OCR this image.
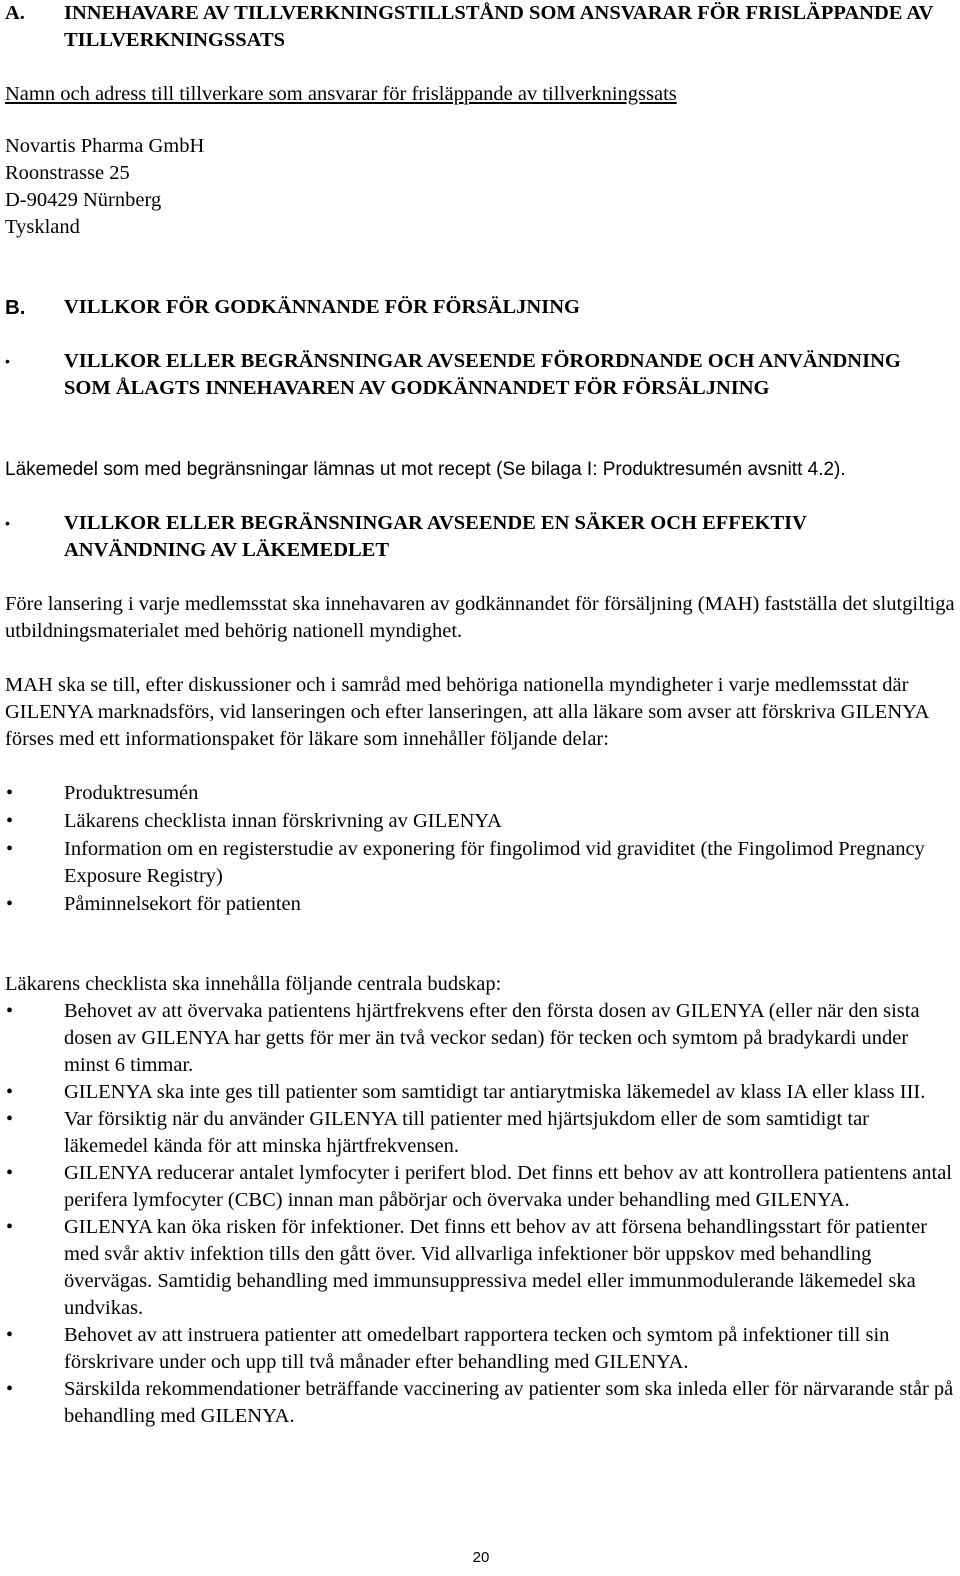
A. INNEHAVARE AV TILLVERKNINGSTILLSTÅND SOM ANSVARAR FÖR FRISLÄPPANDE AV TILLVERKNINGSSATS

Namn och adress till tillverkare som ansvarar för frisläppande av tillverkningssats

Novartis Pharma GmbH

Roonstrasse 25

D-90429 Nürnberg

Tyskland

B. VILLKOR FÖR GODKÄNNANDE FÖR FÖRSÄLJNING
•	VILLKOR ELLER BEGRÄNSNINGAR AVSEENDE FÖRORDNANDE OCH ANVÄNDNING SOM ÅLAGTS INNEHAVAREN AV GODKÄNNANDET FÖR FÖRSÄLJNING

Läkemedel som med begränsningar lämnas ut mot recept (Se bilaga I: Produktresumén avsnitt 4.2).

•	VILLKOR ELLER BEGRÄNSNINGAR AVSEENDE EN SÄKER OCH EFFEKTIV ANVÄNDNING AV LÄKEMEDLET

Före lansering i varje medlemsstat ska innehavaren av godkännandet för försäljning (MAH) fastställa det slutgiltiga utbildningsmaterialet med behörig nationell myndighet.

MAH ska se till, efter diskussioner och i samråd med behöriga nationella myndigheter i varje medlemsstat där GILENYA marknadsförs, vid lanseringen och efter lanseringen, att alla läkare som avser att förskriva GILENYA förses med ett informationspaket för läkare som innehåller följande delar:

• Produktresumén
• Läkarens checklista innan förskrivning av GILENYA
• Information om en registerstudie av exponering för fingolimod vid graviditet (the Fingolimod Pregnancy Exposure Registry)
• Påminnelsekort för patienten

Läkarens checklista ska innehålla följande centrala budskap:

• Behovet av att övervaka patientens hjärtfrekvens efter den första dosen av GILENYA (eller när den sista dosen av GILENYA har getts för mer än två veckor sedan) för tecken och symtom på bradykardi under minst 6 timmar.
• GILENYA ska inte ges till patienter som samtidigt tar antiarytmiska läkemedel av klass IA eller klass III.
• Var försiktig när du använder GILENYA till patienter med hjärtsjukdom eller de som samtidigt tar läkemedel kända för att minska hjärtfrekvensen.
• GILENYA reducerar antalet lymfocyter i perifert blod. Det finns ett behov av att kontrollera patientens antal perifera lymfocyter (CBC) innan man påbörjar och övervaka under behandling med GILENYA.
• GILENYA kan öka risken för infektioner. Det finns ett behov av att försena behandlingsstart för patienter med svår aktiv infektion tills den gått över. Vid allvarliga infektioner bör uppskov med behandling övervägas. Samtidig behandling med immunsuppressiva medel eller immunmodulerande läkemedel ska undvikas.
• Behovet av att instruera patienter att omedelbart rapportera tecken och symtom på infektioner till sin förskrivare under och upp till två månader efter behandling med GILENYA.
• Särskilda rekommendationer beträffande vaccinering av patienter som ska inleda eller för närvarande står på behandling med GILENYA.
20
